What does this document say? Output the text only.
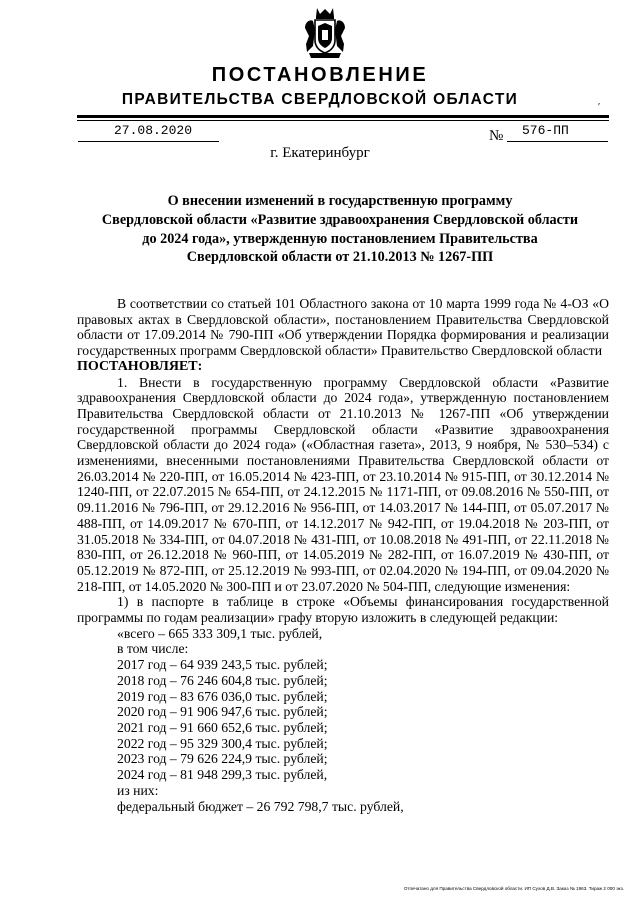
ПОСТАНОВЛЕНИЕ
ПРАВИТЕЛЬСТВА СВЕРДЛОВСКОЙ ОБЛАСТИ	′
27.08.2020	№ 576-ПП
г. Екатеринбург
О внесении изменений в государственную программу
Свердловской области «Развитие здравоохранения Свердловской области
до 2024 года», утвержденную постановлением Правительства
Свердловской области от 21.10.2013 № 1267-ПП

В соответствии со статьей 101 Областного закона от 10 марта 1999 года № 4-ОЗ «О правовых актах в Свердловской области», постановлением Правительства Свердловской области от 17.09.2014 № 790-ПП «Об утверждении Порядка формирования и реализации государственных программ Свердловской области» Правительство Свердловской области

ПОСТАНОВЛЯЕТ:

1. Внести в государственную программу Свердловской области «Развитие здравоохранения Свердловской области до 2024 года», утвержденную постановлением Правительства Свердловской области от 21.10.2013 № 1267-ПП «Об утверждении государственной программы Свердловской области «Развитие здравоохранения Свердловской области до 2024 года» («Областная газета», 2013, 9 ноября, № 530–534) с изменениями, внесенными постановлениями Правительства Свердловской области от 26.03.2014 № 220-ПП, от 16.05.2014 № 423-ПП, от 23.10.2014 № 915-ПП, от 30.12.2014 № 1240-ПП, от 22.07.2015 № 654-ПП, от 24.12.2015 № 1171-ПП, от 09.08.2016 № 550-ПП, от 09.11.2016 № 796-ПП, от 29.12.2016 № 956-ПП, от 14.03.2017 № 144-ПП, от 05.07.2017 № 488-ПП, от 14.09.2017 № 670-ПП, от 14.12.2017 № 942-ПП, от 19.04.2018 № 203-ПП, от 31.05.2018 № 334-ПП, от 04.07.2018 № 431-ПП, от 10.08.2018 № 491-ПП, от 22.11.2018 № 830-ПП, от 26.12.2018 № 960-ПП, от 14.05.2019 № 282-ПП, от 16.07.2019 № 430-ПП, от 05.12.2019 № 872-ПП, от 25.12.2019 № 993-ПП, от 02.04.2020 № 194-ПП, от 09.04.2020 № 218-ПП, от 14.05.2020 № 300-ПП и от 23.07.2020 № 504-ПП, следующие изменения:

1) в паспорте в таблице в строке «Объемы финансирования государственной программы по годам реализации» графу вторую изложить в следующей редакции:

«всего – 665 333 309,1 тыс. рублей,
в том числе:
2017 год – 64 939 243,5 тыс. рублей;
2018 год – 76 246 604,8 тыс. рублей;
2019 год – 83 676 036,0 тыс. рублей;
2020 год – 91 906 947,6 тыс. рублей;
2021 год – 91 660 652,6 тыс. рублей;
2022 год – 95 329 300,4 тыс. рублей;
2023 год – 79 626 224,9 тыс. рублей;
2024 год – 81 948 299,3 тыс. рублей,
из них:
федеральный бюджет – 26 792 798,7 тыс. рублей,
Отпечатано для Правительства Свердловской области. ИП Сухов Д.В. Заказ № 1963. Тираж 2 000 экз.
